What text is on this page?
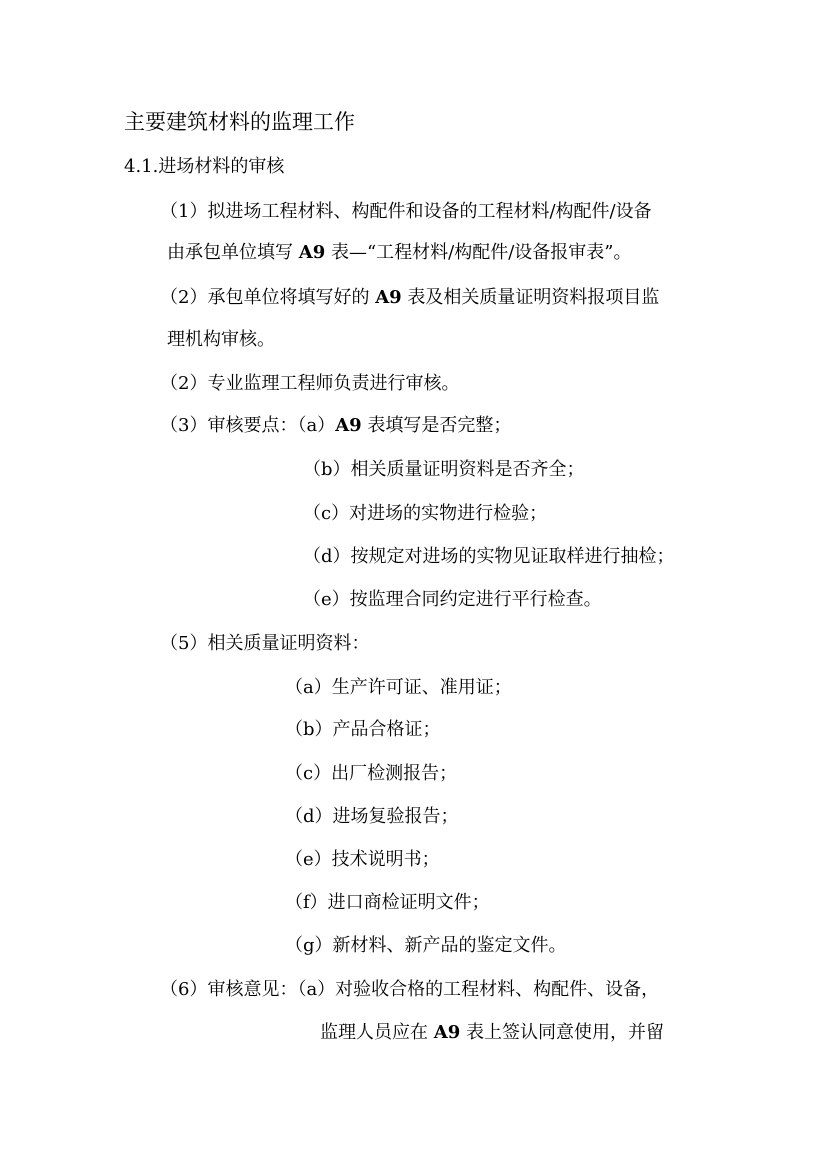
主要建筑材料的监理工作
4.1.进场材料的审核
（1）拟进场工程材料、构配件和设备的工程材料/构配件/设备
由承包单位填写 A9 表—“工程材料/构配件/设备报审表”。
（2）承包单位将填写好的 A9 表及相关质量证明资料报项目监
理机构审核。
（2）专业监理工程师负责进行审核。
（3）审核要点：（a）A9 表填写是否完整；
（b）相关质量证明资料是否齐全；
（c）对进场的实物进行检验；
（d）按规定对进场的实物见证取样进行抽检；
（e）按监理合同约定进行平行检查。
（5）相关质量证明资料：
（a）生产许可证、准用证；
（b）产品合格证；
（c）出厂检测报告；
（d）进场复验报告；
（e）技术说明书；
（f）进口商检证明文件；
（g）新材料、新产品的鉴定文件。
（6）审核意见：（a）对验收合格的工程材料、构配件、设备，
监理人员应在 A9 表上签认同意使用，并留
